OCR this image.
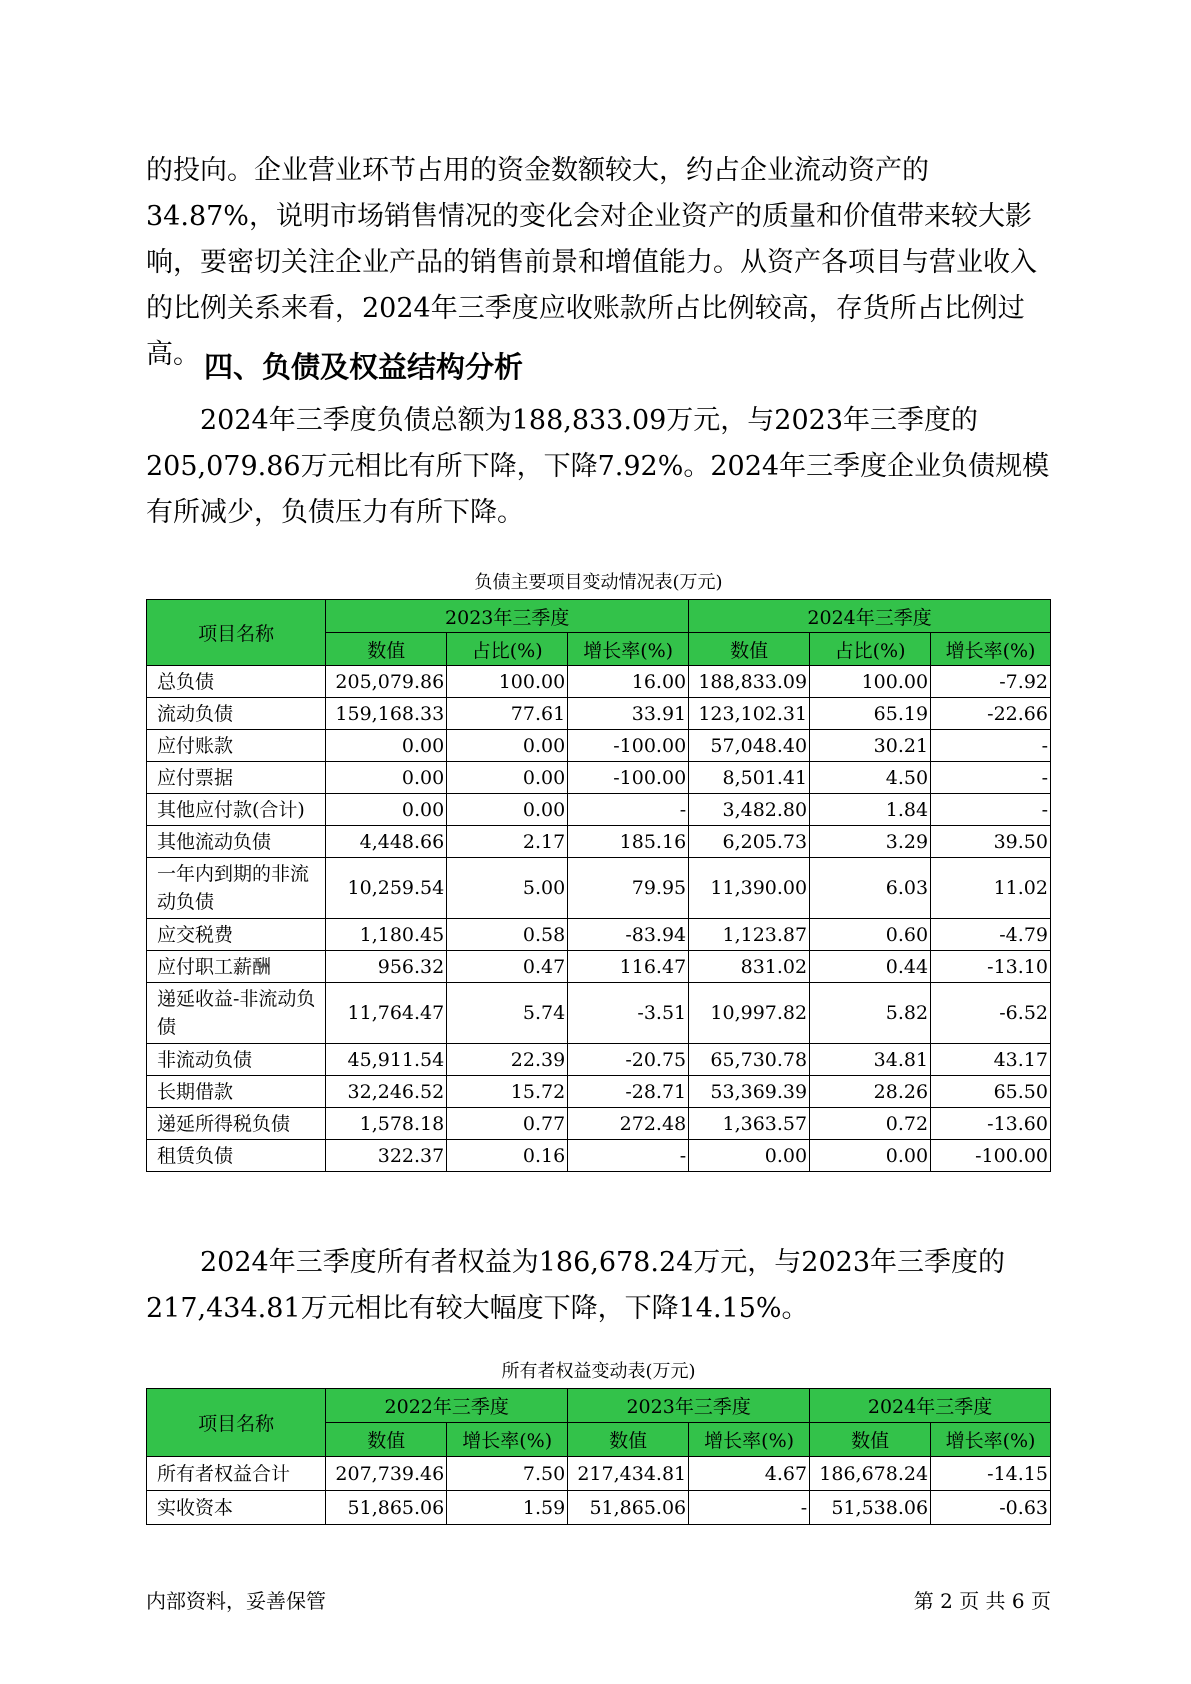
的投向。企业营业环节占用的资金数额较大，约占企业流动资产的34.87%，说明市场销售情况的变化会对企业资产的质量和价值带来较大影响，要密切关注企业产品的销售前景和增值能力。从资产各项目与营业收入的比例关系来看，2024年三季度应收账款所占比例较高，存货所占比例过高。 四、负债及权益结构分析

2024年三季度负债总额为188,833.09万元，与2023年三季度的205,079.86万元相比有所下降，下降7.92%。2024年三季度企业负债规模有所减少，负债压力有所下降。

负债主要项目变动情况表(万元)

项目名称	2023年三季度			2024年三季度		
	数值	占比(%)	增长率(%)	数值	占比(%)	增长率(%)
总负债	205,079.86	100.00	16.00	188,833.09	100.00	-7.92
流动负债	159,168.33	77.61	33.91	123,102.31	65.19	-22.66
应付账款	0.00	0.00	-100.00	57,048.40	30.21	-
应付票据	0.00	0.00	-100.00	8,501.41	4.50	-
其他应付款(合计)	0.00	0.00	-	3,482.80	1.84	-
其他流动负债	4,448.66	2.17	185.16	6,205.73	3.29	39.50
一年内到期的非流动负债	10,259.54	5.00	79.95	11,390.00	6.03	11.02
应交税费	1,180.45	0.58	-83.94	1,123.87	0.60	-4.79
应付职工薪酬	956.32	0.47	116.47	831.02	0.44	-13.10
递延收益-非流动负债	11,764.47	5.74	-3.51	10,997.82	5.82	-6.52
非流动负债	45,911.54	22.39	-20.75	65,730.78	34.81	43.17
长期借款	32,246.52	15.72	-28.71	53,369.39	28.26	65.50
递延所得税负债	1,578.18	0.77	272.48	1,363.57	0.72	-13.60
租赁负债	322.37	0.16	-	0.00	0.00	-100.00

2024年三季度所有者权益为186,678.24万元，与2023年三季度的217,434.81万元相比有较大幅度下降，下降14.15%。

所有者权益变动表(万元)

项目名称	2022年三季度		2023年三季度		2024年三季度	
	数值	增长率(%)	数值	增长率(%)	数值	增长率(%)
所有者权益合计	207,739.46	7.50	217,434.81	4.67	186,678.24	-14.15
实收资本	51,865.06	1.59	51,865.06	-	51,538.06	-0.63

内部资料，妥善保管	第 2 页 共 6 页
